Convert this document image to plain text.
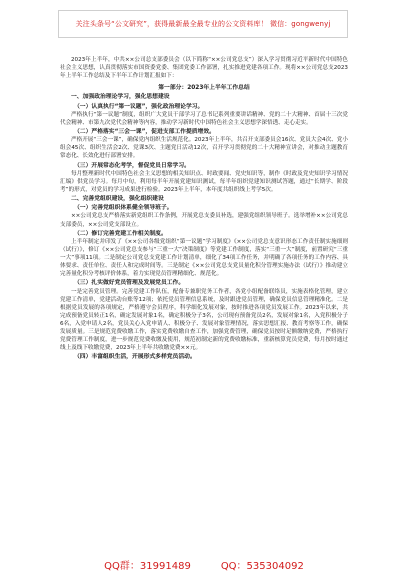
关注头条号“公文研究”，获得最新最全最专业的公文资料库！ 微信：gongwenyj

2023年上半年，中共××公司总支部委员会（以下简称“××公司党总支”）深入学习贯彻习近平新时代中国特色社会主义思想，认真贯彻落实市国资委党委、集团党委工作部署，扎实推进党建各项工作。现将××公司党总支2023年上半年工作总结及下半年工作计划汇报如下：

第一部分：2023年上半年工作总结

一、加强政治理论学习，强化思想建设

（一）认真执行“第一议题”，强化政治理论学习。

严格执行“第一议题”制度，组织广大党员干部学习了总书记系列重要讲话精神、党的二十大精神、首届十三次党代会精神、市第九次党代会精神等内容，推动学习新时代中国特色社会主义思想学深悟透、走心走实。

（二）严格落实“三会一课”，促进支部工作提质增效。

严格开展“三会一课”，确保党内组织生活规范化。2023年上半年，共召开支部委员会16次、党员大会4次、党小组会45次、组织生活会2次、党课3次、主题党日活动12次，召开学习贯彻党的二十大精神宣讲会，对推动主题教育常态化、长效化进行部署安排。

（三）开展常态化考学，督促党员日常学习。

每月整理新时代中国特色社会主义思想的相关知识点、时政要闻、党史知识等，制作《时政及党史知识学习情况汇编》供党员学习。每月中旬，利用每半年开展党建知识测试，每半年组织党建知识测试答题，通过“长期学、阶段考”的形式，对党员的学习成果进行检验。2023年上半年，本年度共组织线上考学5次。

二、完善党组织建设，强化组织建设

（一）完善党组织体系健全领导班子。

××公司党总支严格落实新党组织工作条例，开展党总支委员补选，建强党组织领导班子。选举增补××公司党总支部委员，××公司党支部设立。

（二）修订完善党建工作相关制度。

上半年制定并印发了《××公司各级党组织“第一议题”学习制度》《××公司党总支意识形态工作责任制实施细则（试行）》，修订《××公司党总支参与“三重一大”决策制度》等党建工作制度，落实“三重一大”制度，前置研究“三重一大”事项11项。二是制定公司党总支党建工作计划清单，细化了34项工作任务，并明确了各项任务的工作内容、具体要求、责任单位、责任人和完成时间等。三是制定《××公司党总支党员量化积分管理实施办法（试行）》推动建立完善量化积分考核评价体系，着力实现党员管理精细化、规范化。

（三）扎实做好党员管理及发展党员工作。

一是完善党员管理。完善党建工作队伍，配备专兼职党务工作者，各党小组配备联络员，实施表格化管理，建立党建工作清单，党建活动台账等12项；依托党员管理信息系统，及时跟进党员管理，确保党员信息管理精准化。二是根据党员发展的各项规定，严格遵守会员程序，科学细化发展对象，按时推进各项党员发展工作。2023年以来，共完成预备党员转正1名，确定发展对象1名，确定积极分子3名，公司现有预备党员2名，发展对象1名，入党积极分子6名，入党申请人2名，党员关心入党申请人、积极分子、发展对象管理情况，落实思想汇报、教育考察等工作，确保发展质量。三是规范党费收缴工作，落实党费收缴自查工作，加强党费管理，确保党员按时足额缴纳党费，严格执行党费管理工作制度，进一步规范党费收缴及使用，规范初制定新的党费收缴标准，重新核算党员党费，每月按时通过线上及线下收缴党费，2023年上半年共收缴党费××元。

（四）丰富组织生活，开展形式多样党员活动。

QQ群：31991489	QQ：535304092
